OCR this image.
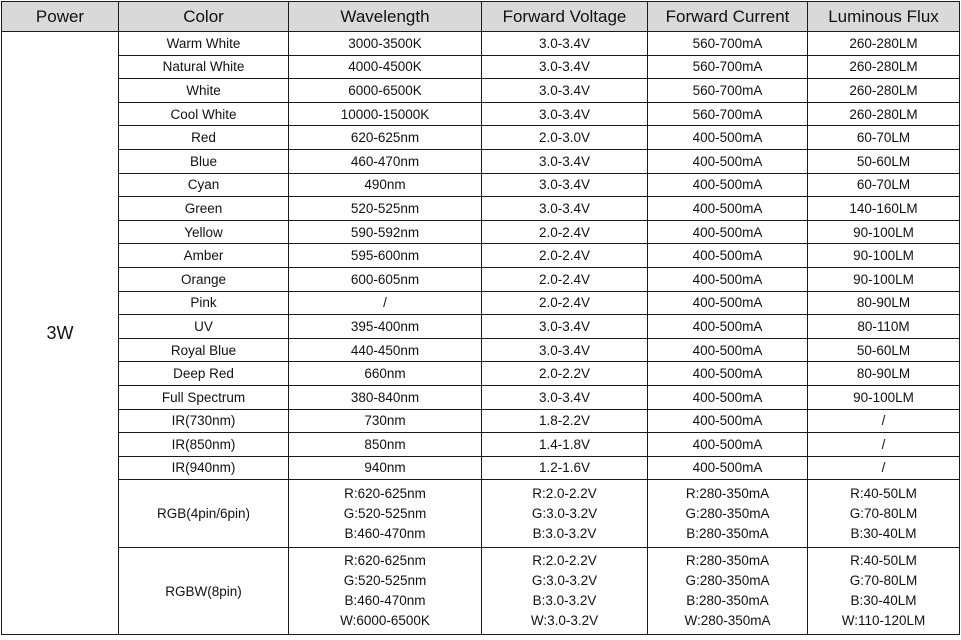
Power	Color	Wavelength	Forward Voltage	Forward Current	Luminous Flux
3W	Warm White	3000-3500K	3.0-3.4V	560-700mA	260-280LM
	Natural White	4000-4500K	3.0-3.4V	560-700mA	260-280LM
	White	6000-6500K	3.0-3.4V	560-700mA	260-280LM
	Cool White	10000-15000K	3.0-3.4V	560-700mA	260-280LM
	Red	620-625nm	2.0-3.0V	400-500mA	60-70LM
	Blue	460-470nm	3.0-3.4V	400-500mA	50-60LM
	Cyan	490nm	3.0-3.4V	400-500mA	60-70LM
	Green	520-525nm	3.0-3.4V	400-500mA	140-160LM
	Yellow	590-592nm	2.0-2.4V	400-500mA	90-100LM
	Amber	595-600nm	2.0-2.4V	400-500mA	90-100LM
	Orange	600-605nm	2.0-2.4V	400-500mA	90-100LM
	Pink	/	2.0-2.4V	400-500mA	80-90LM
	UV	395-400nm	3.0-3.4V	400-500mA	80-110M
	Royal Blue	440-450nm	3.0-3.4V	400-500mA	50-60LM
	Deep Red	660nm	2.0-2.2V	400-500mA	80-90LM
	Full Spectrum	380-840nm	3.0-3.4V	400-500mA	90-100LM
	IR(730nm)	730nm	1.8-2.2V	400-500mA	/
	IR(850nm)	850nm	1.4-1.8V	400-500mA	/
	IR(940nm)	940nm	1.2-1.6V	400-500mA	/
	RGB(4pin/6pin)	R:620-625nm
G:520-525nm
B:460-470nm	R:2.0-2.2V
G:3.0-3.2V
B:3.0-3.2V	R:280-350mA
G:280-350mA
B:280-350mA	R:40-50LM
G:70-80LM
B:30-40LM

	RGBW(8pin)	R:620-625nm
G:520-525nm
B:460-470nm
W:6000-6500K	R:2.0-2.2V
G:3.0-3.2V
B:3.0-3.2V
W:3.0-3.2V	R:280-350mA
G:280-350mA
B:280-350mA
W:280-350mA	R:40-50LM
G:70-80LM
B:30-40LM
W:110-120LM
